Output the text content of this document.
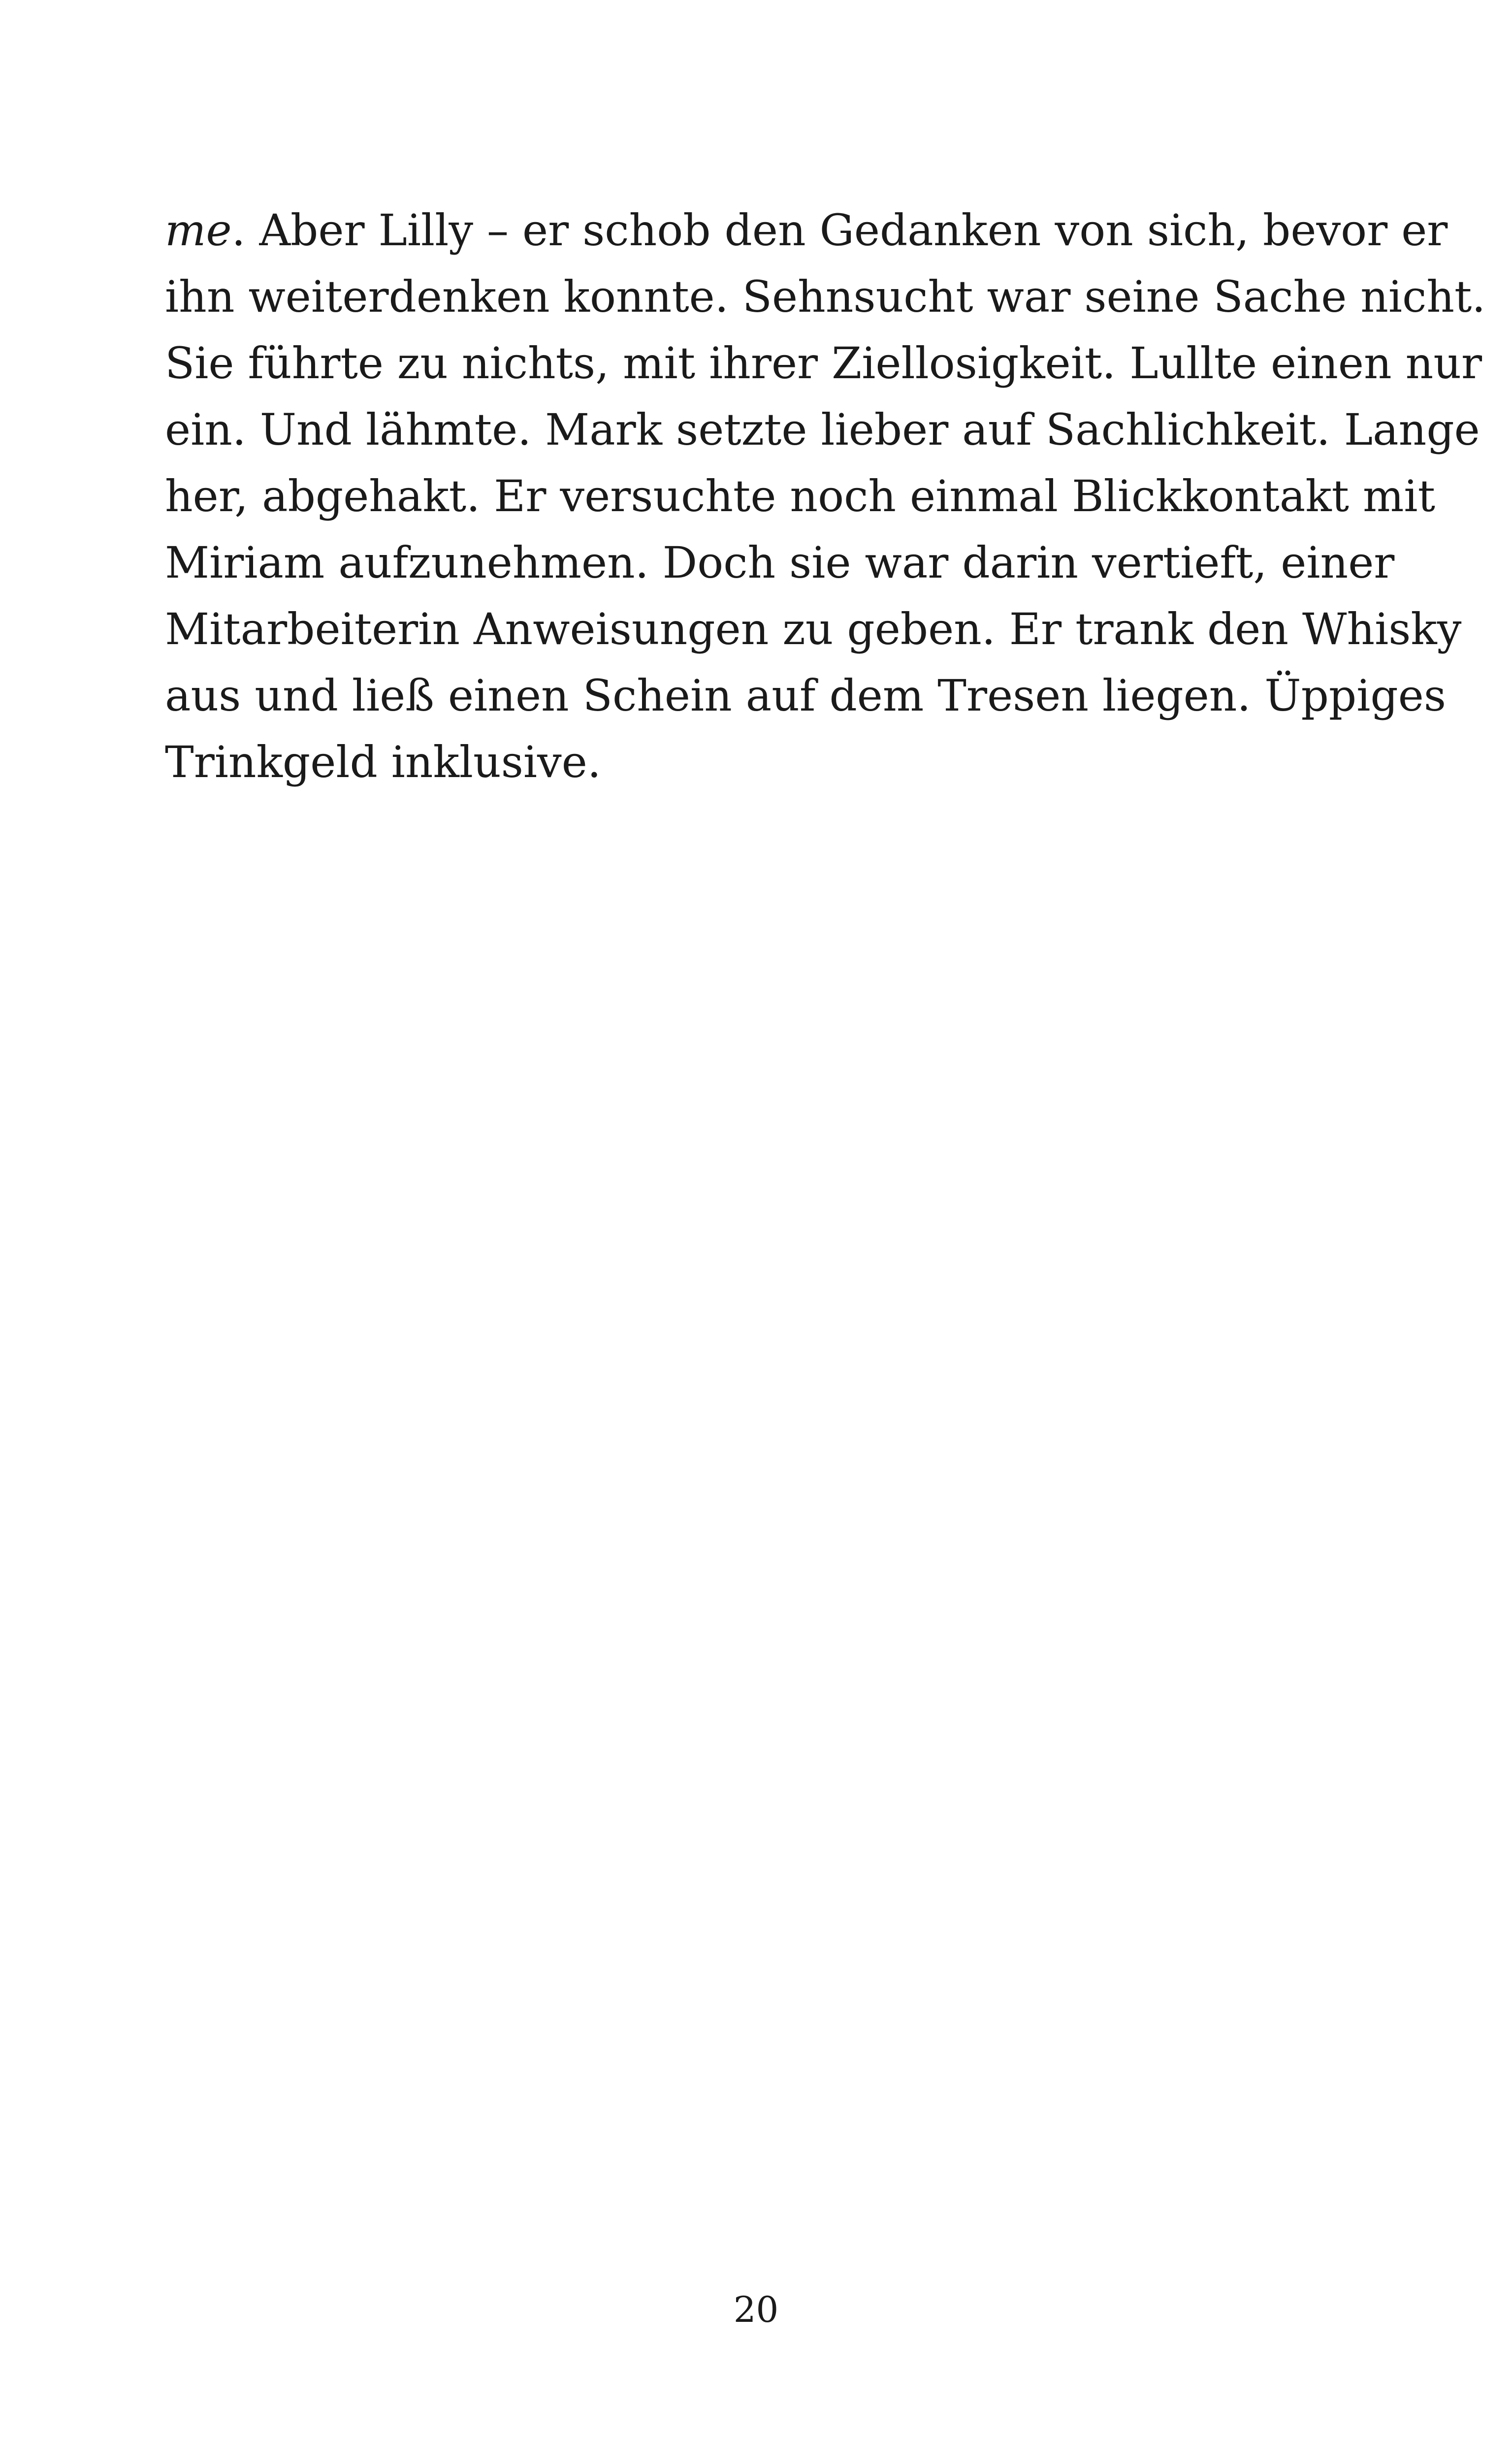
me. Aber Lilly – er schob den Gedanken von sich, bevor er
ihn weiterdenken konnte. Sehnsucht war seine Sache nicht.
Sie führte zu nichts, mit ihrer Ziellosigkeit. Lullte einen nur
ein. Und lähmte. Mark setzte lieber auf Sachlichkeit. Lange
her, abgehakt. Er versuchte noch einmal Blickkontakt mit
Miriam aufzunehmen. Doch sie war darin vertieft, einer
Mitarbeiterin Anweisungen zu geben. Er trank den Whisky
aus und ließ einen Schein auf dem Tresen liegen. Üppiges
Trinkgeld inklusive.
20
